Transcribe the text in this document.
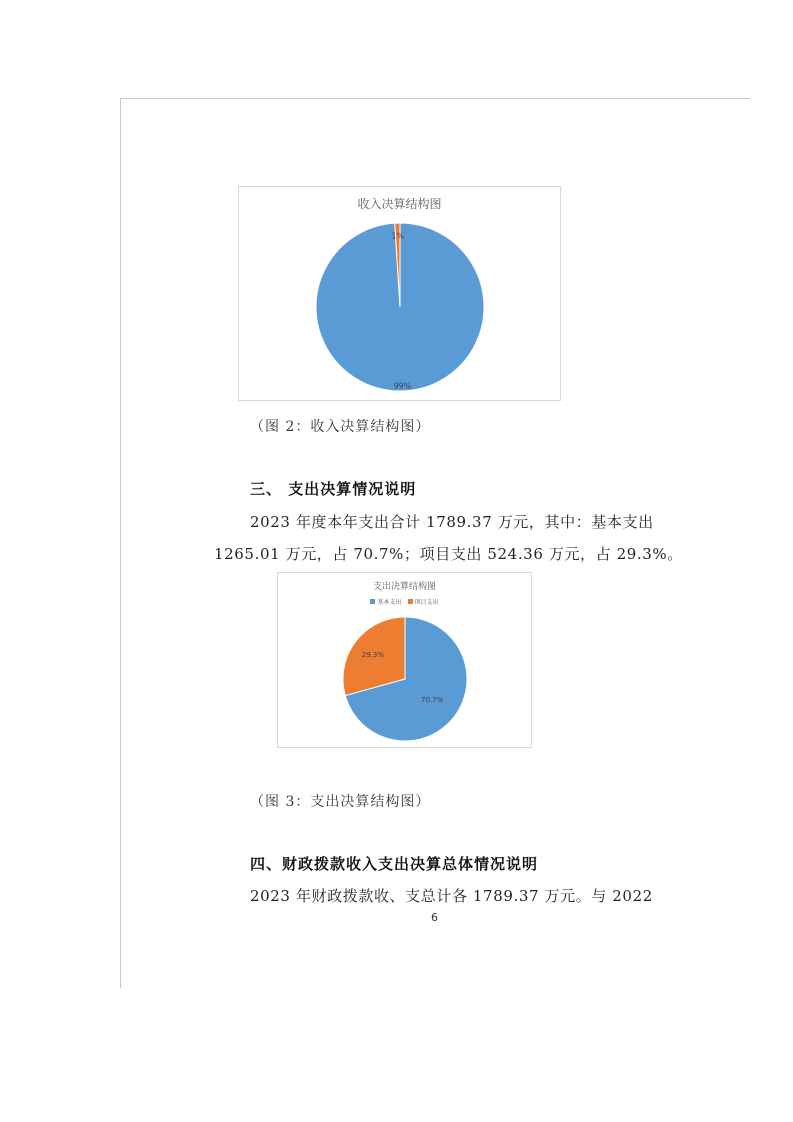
收入决算结构图
99%
1%
（图 2：收入决算结构图）
三、 支出决算情况说明
2023 年度本年支出合计 1789.37 万元，其中：基本支出
1265.01 万元，占 70.7%；项目支出 524.36 万元，占 29.3%。
支出决算结构图
基本支出 项目支出
70.7%
29.3%
（图 3：支出决算结构图）
四、财政拨款收入支出决算总体情况说明
2023 年财政拨款收、支总计各 1789.37 万元。与 2022
6
